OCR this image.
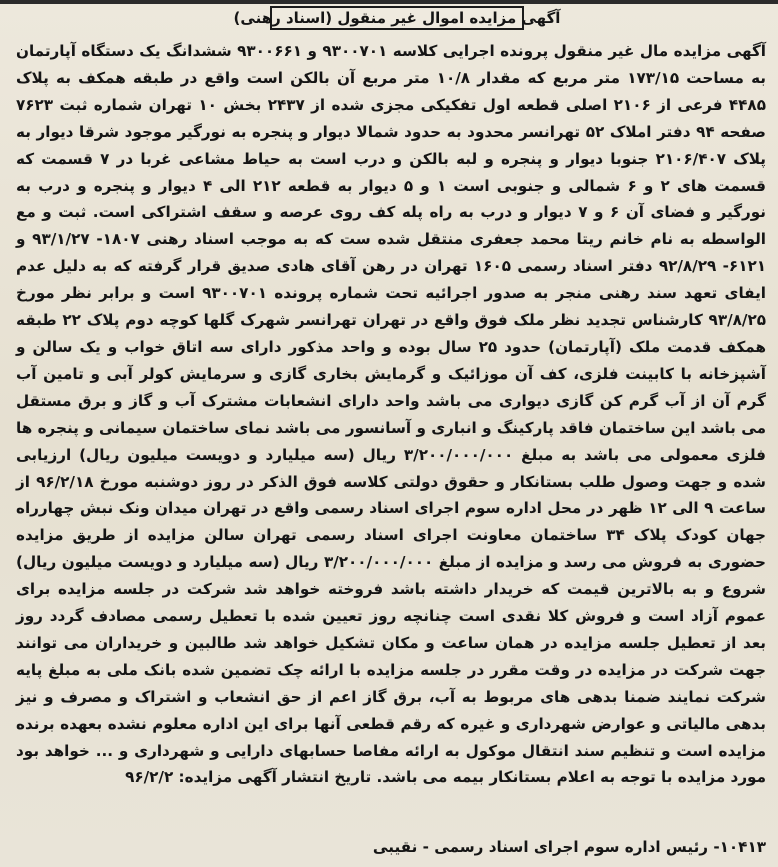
آگهی مزایده اموال غیر منقول (اسناد رهنی)

آگهی مزایده مال غیر منقول پرونده اجرایی کلاسه ۹۳۰۰۷۰۱ و ۹۳۰۰۶۶۱ ششدانگ یک دستگاه آپارتمان به مساحت ۱۷۳/۱۵ متر مربع که مقدار ۱۰/۸ متر مربع آن بالکن است واقع در طبقه همکف به پلاک ۴۴۸۵ فرعی از ۲۱۰۶ اصلی قطعه اول تفکیکی مجزی شده از ۲۴۳۷ بخش ۱۰ تهران شماره ثبت ۷۶۲۳ صفحه ۹۴ دفتر املاک ۵۲ تهرانسر محدود به حدود شمالا دیوار و پنجره به نورگیر موجود شرقا دیوار به پلاک ۲۱۰۶/۴۰۷ جنوبا دیوار و پنجره و لبه بالکن و درب است به حیاط مشاعی غربا در ۷ قسمت که قسمت های ۲ و ۶ شمالی و جنوبی است ۱ و ۵ دیوار به قطعه ۲۱۲ الی ۴ دیوار و پنجره و درب به نورگیر و فضای آن ۶ و ۷ دیوار و درب به راه پله کف روی عرصه و سقف اشتراکی است. ثبت و مع الواسطه به نام خانم ریتا محمد جعفری منتقل شده ست که به موجب اسناد رهنی ۱۸۰۷- ۹۳/۱/۲۷ و ۶۱۲۱- ۹۲/۸/۲۹ دفتر اسناد رسمی ۱۶۰۵ تهران در رهن آقای هادی صدیق قرار گرفته که به دلیل عدم ایفای تعهد سند رهنی منجر به صدور اجرائیه تحت شماره پرونده ۹۳۰۰۷۰۱ است و برابر نظر مورخ ۹۳/۸/۲۵ کارشناس تجدید نظر ملک فوق واقع در تهران تهرانسر شهرک گلها کوچه دوم پلاک ۲۲ طبقه همکف قدمت ملک (آپارتمان) حدود ۲۵ سال بوده و واحد مذکور دارای سه اتاق خواب و یک سالن و آشپزخانه با کابینت فلزی، کف آن موزائیک و گرمایش بخاری گازی و سرمایش کولر آبی و تامین آب گرم آن از آب گرم کن گازی دیواری می باشد واحد دارای انشعابات مشترک آب و گاز و برق مستقل می باشد این ساختمان فاقد پارکینگ و انباری و آسانسور می باشد نمای ساختمان سیمانی و پنجره ها فلزی معمولی می باشد به مبلغ ۳/۲۰۰/۰۰۰/۰۰۰ ریال (سه میلیارد و دویست میلیون ریال) ارزیابی شده و جهت وصول طلب بستانکار و حقوق دولتی کلاسه فوق الذکر در روز دوشنبه مورخ ۹۶/۲/۱۸ از ساعت ۹ الی ۱۲ ظهر در محل اداره سوم اجرای اسناد رسمی واقع در تهران میدان ونک نبش چهارراه جهان کودک پلاک ۳۴ ساختمان معاونت اجرای اسناد رسمی تهران سالن مزایده از طریق مزایده حضوری به فروش می رسد و مزایده از مبلغ ۳/۲۰۰/۰۰۰/۰۰۰ ریال (سه میلیارد و دویست میلیون ریال) شروع و به بالاترین قیمت که خریدار داشته باشد فروخته خواهد شد شرکت در جلسه مزایده برای عموم آزاد است و فروش کلا نقدی است چنانچه روز تعیین شده با تعطیل رسمی مصادف گردد روز بعد از تعطیل جلسه مزایده در همان ساعت و مکان تشکیل خواهد شد طالبین و خریداران می توانند جهت شرکت در مزایده در وقت مقرر در جلسه مزایده با ارائه چک تضمین شده بانک ملی به مبلغ پایه شرکت نمایند ضمنا بدهی های مربوط به آب، برق گاز اعم از حق انشعاب و اشتراک و مصرف و نیز بدهی مالیاتی و عوارض شهرداری و غیره که رقم قطعی آنها برای این اداره معلوم نشده بعهده برنده مزایده است و تنظیم سند انتقال موکول به ارائه مفاصا حسابهای دارایی و شهرداری و ... خواهد بود مورد مزایده با توجه به اعلام بستانکار بیمه می باشد. تاریخ انتشار آگهی مزایده: ۹۶/۲/۲

۱۰۴۱۳- رئیس اداره سوم اجرای اسناد رسمی - نقیبی
